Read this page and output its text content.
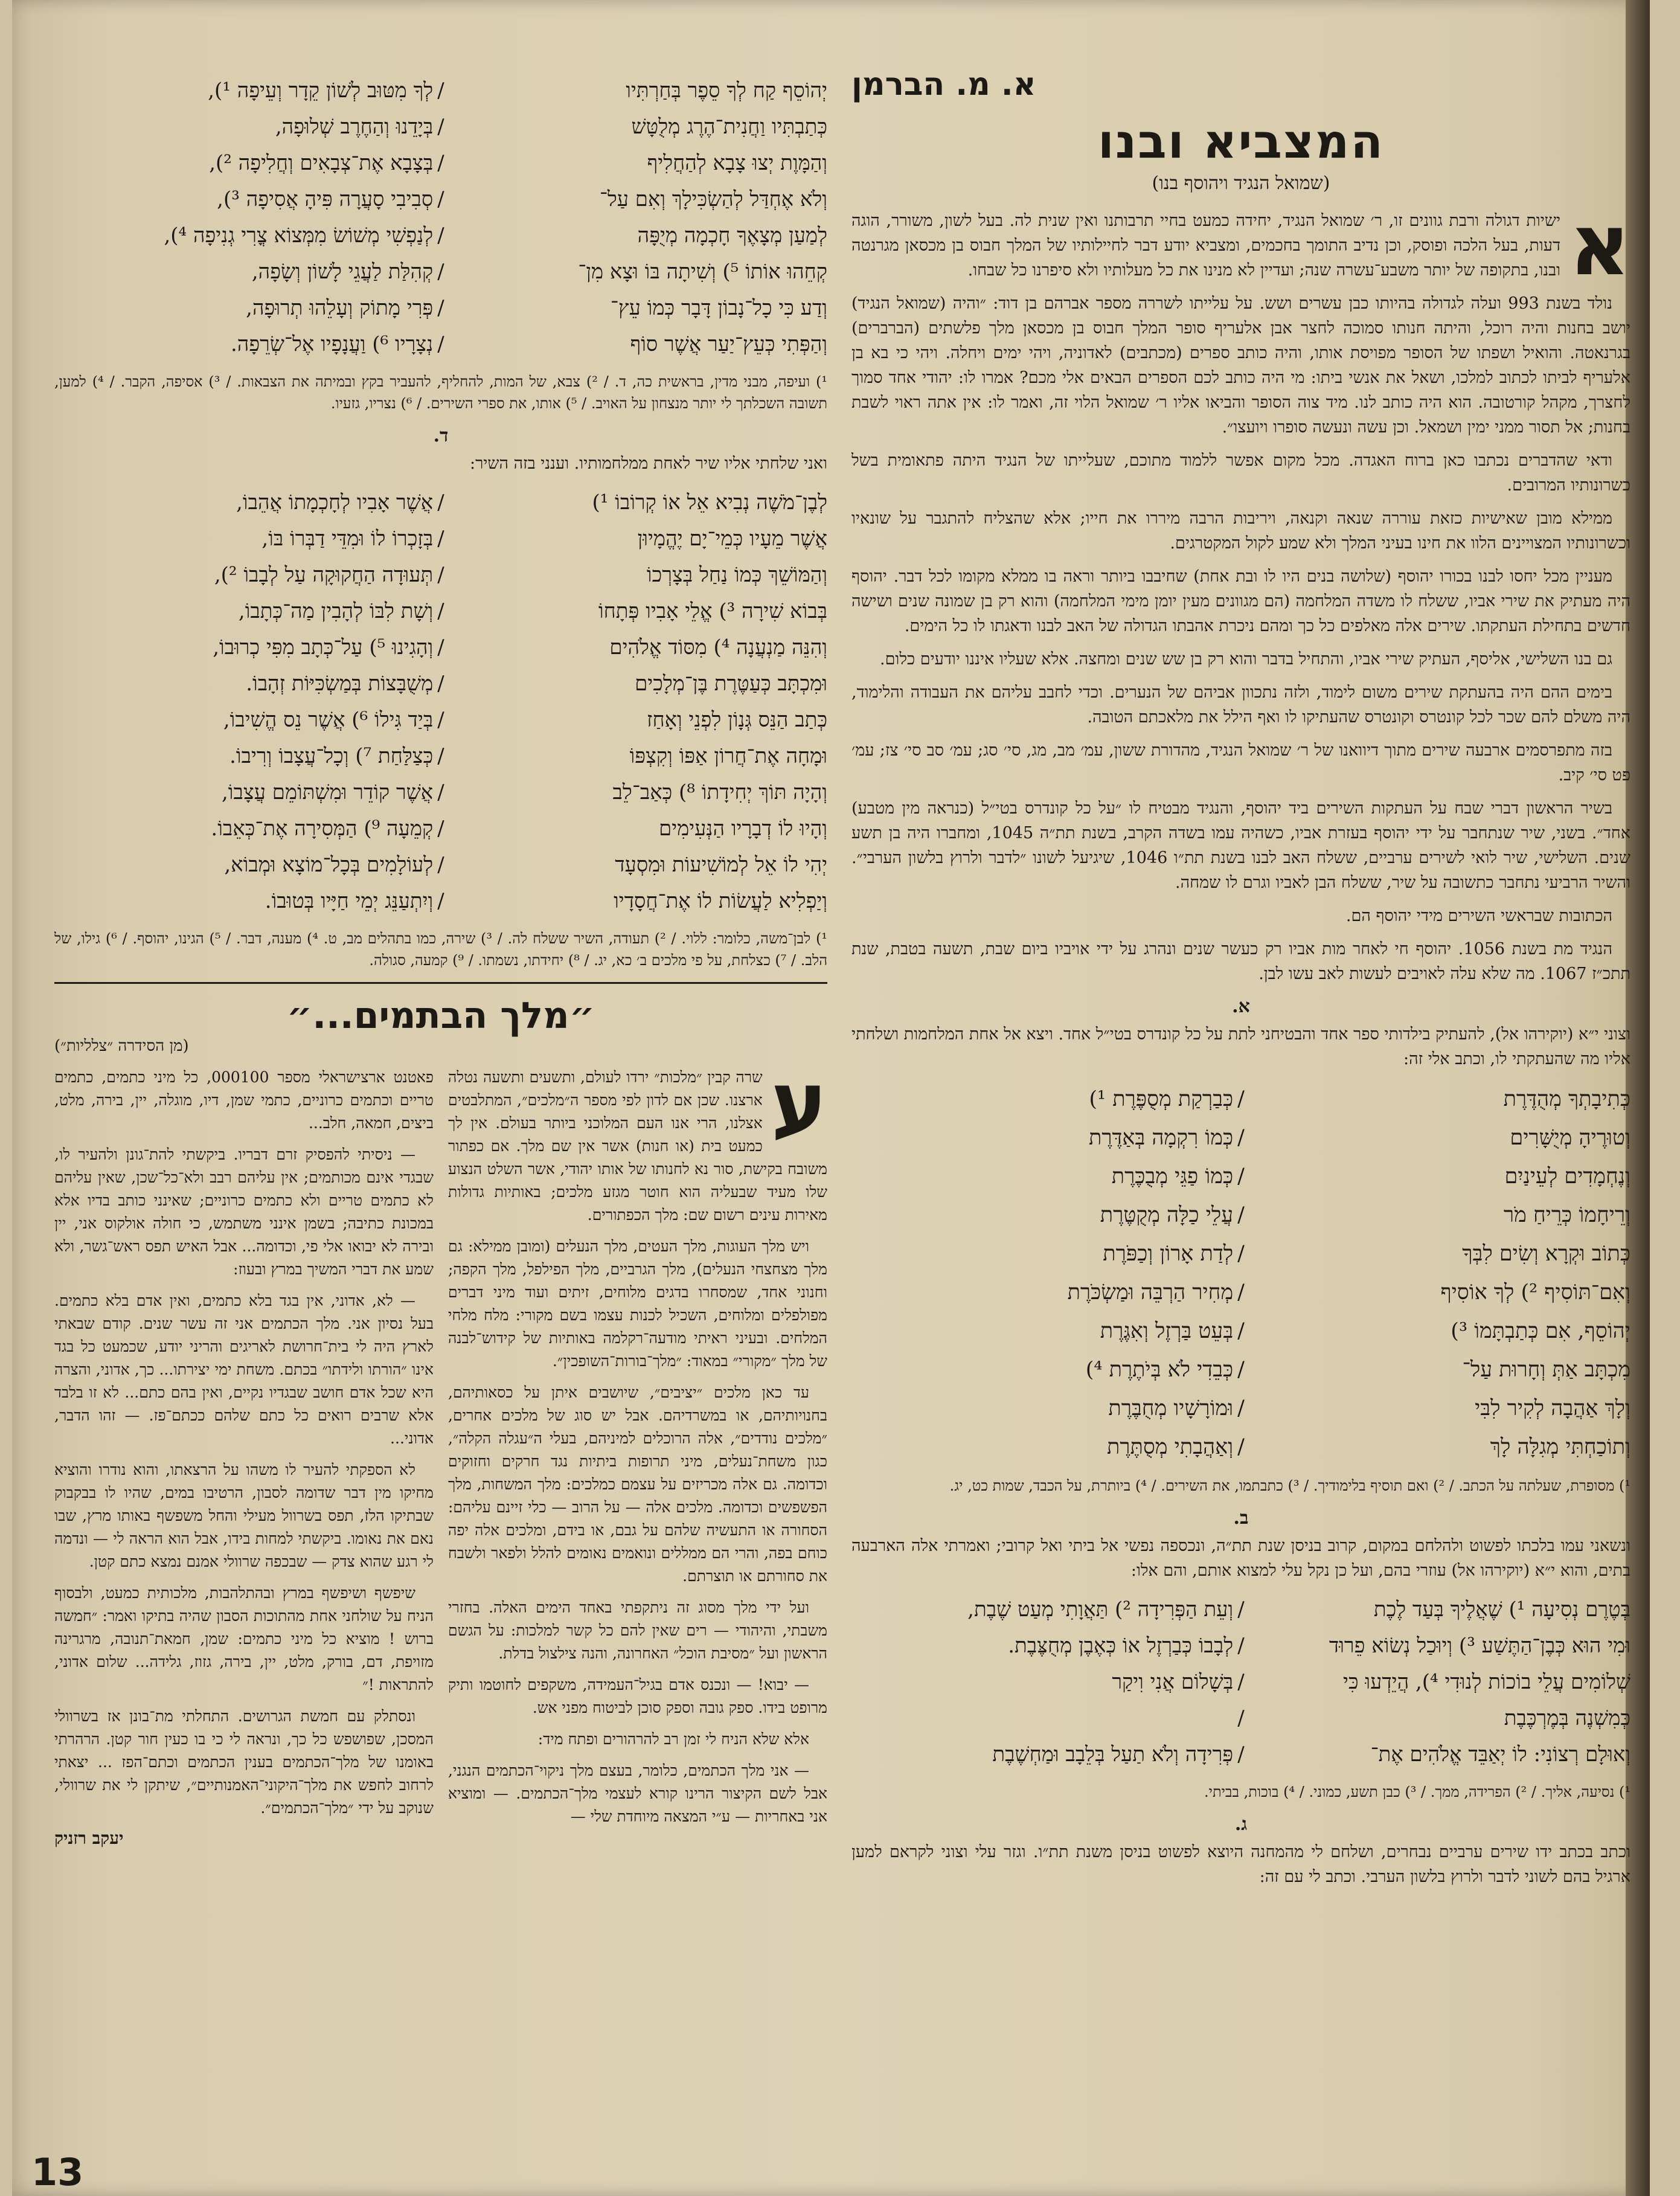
א. מ. הברמן
המצביא ובנו
(שמואל הנגיד ויהוסף בנו)
א

ישיות דגולה ורבת גוונים זו, ר׳ שמואל הנגיד, יחידה כמעט בחיי תרבותנו ואין שנית לה. בעל לשון, משורר, הוגה דעות, בעל הלכה ופוסק, וכן נדיב התומך בחכמים, ומצביא יודע דבר לחיילותיו של המלך חבוס בן מכסאן מגרנטה ובנו, בתקופה של יותר משבע־עשרה שנה; ועדיין לא מנינו את כל מעלותיו ולא סיפרנו כל שבחו.

נולד בשנת 993 ועלה לגדולה בהיותו כבן עשרים ושש. על עלייתו לשררה מספר אברהם בן דוד: ״והיה (שמואל הנגיד) יושב בחנות והיה רוכל, והיתה חנותו סמוכה לחצר אבן אלעריף סופר המלך חבוס בן מכסאן מלך פלשתים (הברברים) בגרנאטה. והואיל ושפתו של הסופר מפויסת אותו, והיה כותב ספרים (מכתבים) לאדוניה, ויהי ימים ויחלה. ויהי כי בא בן אלעריף לביתו לכתוב למלכו, ושאל את אנשי ביתו: מי היה כותב לכם הספרים הבאים אלי מכם? אמרו לו: יהודי אחד סמוך לחצרך, מקהל קורטובה. הוא היה כותב לנו. מיד צוה הסופר והביאו אליו ר׳ שמואל הלוי זה, ואמר לו: אין אתה ראוי לשבת בחנות; אל תסור ממני ימין ושמאל. וכן עשה ונעשה סופרו ויועצו״.

ודאי שהדברים נכתבו כאן ברוח האגדה. מכל מקום אפשר ללמוד מתוכם, שעלייתו של הנגיד היתה פתאומית בשל כשרונותיו המרובים.

ממילא מובן שאישיות כזאת עוררה שנאה וקנאה, ויריבות הרבה מיררו את חייו; אלא שהצליח להתגבר על שונאיו וכשרונותיו המצויינים הלוו את חינו בעיני המלך ולא שמע לקול המקטרגים.

מעניין מכל יחסו לבנו בכורו יהוסף (שלושה בנים היו לו ובת אחת) שחיבבו ביותר וראה בו ממלא מקומו לכל דבר. יהוסף היה מעתיק את שירי אביו, ששלח לו משדה המלחמה (הם מגוונים מעין יומן מימי המלחמה) והוא רק בן שמונה שנים ושישה חדשים בתחילת העתקתו. שירים אלה מאלפים כל כך ומהם ניכרת אהבתו הגדולה של האב לבנו ודאגתו לו כל הימים.

גם בנו השלישי, אליסף, העתיק שירי אביו, והתחיל בדבר והוא רק בן שש שנים ומחצה. אלא שעליו איננו יודעים כלום.

בימים ההם היה בהעתקת שירים משום לימוד, ולזה נתכוון אביהם של הנערים. וכדי לחבב עליהם את העבודה והלימוד, היה משלם להם שכר לכל קונטרס וקונטרס שהעתיקו לו ואף הילל את מלאכתם הטובה.

בזה מתפרסמים ארבעה שירים מתוך דיוואנו של ר׳ שמואל הנגיד, מהדורת ששון, עמ׳ מב, מג, סי׳ סג; עמ׳ סב סי׳ צז; עמ׳ פט סי׳ קיב.

בשיר הראשון דברי שבח על העתקות השירים ביד יהוסף, והנגיד מבטיח לו ״על כל קונדרס בטי״ל (כנראה מין מטבע) אחד״. בשני, שיר שנתחבר על ידי יהוסף בעזרת אביו, כשהיה עמו בשדה הקרב, בשנת תת״ה 1045, ומחברו היה בן תשע שנים. השלישי, שיר לואי לשירים ערביים, ששלח האב לבנו בשנת תת״ו 1046, שיגיעל לשונו ״לדבר ולרוץ בלשון הערבי״. והשיר הרביעי נתחבר כתשובה על שיר, ששלח הבן לאביו וגרם לו שמחה.

הכתובות שבראשי השירים מידי יהוסף הם.

הנגיד מת בשנת 1056. יהוסף חי לאחר מות אביו רק כעשר שנים ונהרג על ידי אויביו ביום שבת, תשעה בטבת, שנת תתכ״ז 1067. מה שלא עלה לאויבים לעשות לאב עשו לבן.

א.

וצוני י״א (יוקירהו אל), להעתיק בילדותי ספר אחד והבטיחני לתת על כל קונדרס בטי״ל אחד. ויצא אל אחת המלחמות ושלחתי אליו מה שהעתקתי לו, וכתב אלי זה:

כְּתִיבָתְךָ מְהֻדֶּרֶת/כְּבַרְקַת מְסֻפֶּרֶת ¹)
וְטוּרֶיהָ מְיֻשָּׁרִים/כְּמוֹ רִקְמָה בְּאַדֶּרֶת
וְנֶחְמָדִים לְעֵינַיִם/כְּמוֹ פַגֵּי מְבֻכֶּרֶת
וְרֵיחָמוֹ כְּרֵיחַ מֹר/עֲלֵי כַלָּה מְקֻטֶּרֶת
כְּתוֹב וּקְרָא וְשִׂים לִבְּךָ/לְדַת אָרוֹן וְכַפֹּרֶת
וְאִם־תּוֹסִיף ²) לְךָ אוֹסִיף/מְחִיר הַרְבֵּה וּמַשְׂכֹּרֶת
יְהוֹסֵף, אִם כְּתַבְתָּמוֹ ³)/בְּעֵט בַּרְזֶל וְאִגֶּרֶת
מִכְתָּב אַתְּ וְחָרוּת עַל־/כְּבֵדִי לֹא בְּיֹתֶרֶת ⁴)
וְלָךְ אַהֲבָה לְקִיר לִבִּי/וּמוֹרָשָׁיו מְחֻבֶּרֶת
וְתוֹכַחְתִּי מְגִלָּה לָךְ/וְאַהֲבָתִי מְסֻתֶּרֶת
¹) מסופרת, שעלתה על הכתב. / ²) ואם תוסיף בלימודיך. / ³) כתבתמו, את השירים. / ⁴) ביותרת, על הכבד, שמות כט, יג.
ב.

ונשאני עמו בלכתו לפשוט ולהלחם במקום, קרוב בניסן שנת תת״ה, ונכספה נפשי אל ביתי ואל קרובי; ואמרתי אלה הארבעה בתים, והוא י״א (יוקירהו אל) עוזרי בהם, ועל כן נקל עלי למצוא אותם, והם אלו:

בְּטֶרֶם נְסִיעָה ¹) שֶׁאֲלֶיךָ בְּעַד לֶכֶת/וְעֵת הַפְּרִידָה ²) תַּאֲוָתִי מְעַט שֶׁבֶת,
וּמִי הוּא כְּבֶן־הַתֶּשַׁע ³) וְיוּכַל נְשׂוֹא פֵרוּד/לְבָבוֹ כְּבַרְזֶל אוֹ כְּאֶבֶן מְחֻצֶּבֶת.
שְׁלוֹמִים עֲלֵי בוֹכוֹת לְנוּדִי ⁴), הֲיֵדְעוּ כִּי/בְּשָׁלוֹם אֲנִי וִיקַר
כְּמִשְׁנֶה בְּמֶרְכֶּבֶת/
וְאוּלָם רְצוֹנִי: לוֹ יְאַבֵּד אֱלֹהִים אֶת־/פְּרִידָה וְלֹא תַעַל בְּלֵבָב וּמַחְשֶׁבֶת
¹) נסיעה, אליך. / ²) הפרידה, ממך. / ³) כבן תשע, כמוני. / ⁴) בוכות, בביתי.
ג.

וכתב בכתב ידו שירים ערביים נבחרים, ושלחם לי מהמחנה היוצא לפשוט בניסן משנת תת״ו. וגזר עלי וצוני לקראם למען ארגיל בהם לשוני לדבר ולרוץ בלשון הערבי. וכתב לי עם זה:

יְהוֹסֵף קַח לְךָ סֵפֶר בְּחַרְתִּיו/לְךָ מִטּוּב לְשׁוֹן קֵדָר וְעֵיפָה ¹),
כְּתַבְתִּיו וַחֲנִית־הֶרֶג מְלֻטָּשׁ/בְּיָדֵנוּ וְהַחֶרֶב שְׁלוּפָה,
וְהַמָּוֶת יְצוּ צָבָא לְהַחֲלִיף/בְּצָבָא אֶת־צְבָאִים וְחֲלִיפָה ²),
וְלֹא אֶחְדַּל לְהַשְׂכִּילָךְ וְאִם עַל־/סְבִיבִי סָעֲרָה פִּיהָ אֲסִיפָה ³),
לְמַעַן מְצָאֶךָ חָכְמָה מְיֻפָּה/לְנַפְשִׁי מְשׁוֹשׂ מִמְּצוֹא צֳרִי גְנִיפָה ⁴),
קְחֵהוּ אוֹתוֹ ⁵) וְשִׁיתָה בּוֹ וּצָא מִן־/קְהִלַּת לַעֲגֵי לָשׁוֹן וְשָׂפָה,
וְדַע כִּי כָל־נָבוֹן דָּבָר כְּמוֹ עֵץ־/פְּרִי מָתוֹק וְעָלֵהוּ תְרוּפָה,
וְהַפְּתִי כְּעֵץ־יַעַר אֲשֶׁר סוֹף/נְצָרָיו ⁶) וַעֲנָפָיו אֶל־שְׂרֵפָה.
¹) ועיפה, מבני מדין, בראשית כה, ד. / ²) צבא, של המות, להחליף, להעביר בקץ ובמיתה את הצבאות. / ³) אסיפה, הקבר. / ⁴) למען, תשובה השכלתך לי יותר מנצחון על האויב. / ⁵) אותו, את ספרי השירים. / ⁶) נצריו, גזעיו.
ד.

ואני שלחתי אליו שיר לאחת ממלחמותיו. וענני בזה השיר:

לְבֶן־מֹשֶׁה נְבִיא אֵל אוֹ קְרוֹבוֹ ¹)/אֲשֶׁר אָבִיו לְחָכְמָתוֹ אֲהֵבוֹ,
אֲשֶׁר מֵעָיו כְּמֵי־יָם יֶהֱמָיוּן/בְּזָכְרוֹ לוֹ וּמִדֵּי דַבְּרוֹ בּוֹ,
וְהַמּוֹשֵׁךְ כְּמוֹ נַחַל בְּצָרְכוֹ/תְּעוּדָה הַחֲקוּקָה עַל לְבָבוֹ ²),
בְּבוֹא שִׁירָה ³) אֱלֵי אָבִיו פְּתָחוֹ/וְשָׁת לִבּוֹ לְהָבִין מַה־כְּתָבוֹ,
וְהִנֵּה מַנְעֲנָה ⁴) מִסּוֹד אֱלֹהִים/וְהָגִינוּ ⁵) עַל־כְּתָב מִפִּי כְרוּבוֹ,
וּמִכְתָּב כְּעַטֶּרֶת בֶּן־מְלָכִים/מְשֻׁבָּצוֹת בְּמַשְׂכִּיּוֹת זְהָבוֹ.
כְּתַב הַנֵּס גְּנָוֹן לִפְנֵי וְאָחַז/בְּיַד גִּילוֹ ⁶) אֲשֶׁר נֵס הֱשִׁיבוֹ,
וּמָחָה אֶת־חֲרוֹן אַפּוֹ וְקִצְפּוֹ/כְּצַלַּחַת ⁷) וְכָל־עֲצָבוֹ וְרִיבוֹ.
וְהָיָה תּוֹךְ יְחִידָתוֹ ⁸) כְּאַב־לֵב/אֲשֶׁר קוֹדֵר וּמִשְׁתּוֹמֵם עֲצָבוֹ,
וְהָיוּ לוֹ דְבָרָיו הַנְּעִימִים/קְמֵעָה ⁹) הַמְּסִירָה אֶת־כְּאֵבוֹ.
יְהִי לוֹ אֵל לְמוֹשִׁיעוֹת וּמִסְעָד/לְעוֹלָמִים בְּכָל־מוֹצָא וּמְבוֹא,
וְיַפְלִיא לַעֲשׂוֹת לוֹ אֶת־חֲסָדָיו/וְיִתְעַנֵּג יְמֵי חַיָּיו בְּטוּבוֹ.
¹) לבן־משה, כלומר: ללוי. / ²) תעודה, השיר ששלח לה. / ³) שירה, כמו בתהלים מב, ט. ⁴) מענה, דבר. / ⁵) הגינו, יהוסף. / ⁶) גילו, של הלב. / ⁷) כצלחת, על פי מלכים ב׳ כא, יג. / ⁸) יחידתו, נשמתו. / ⁹) קמעה, סגולה.
״מלך הבתמים...״
(מן הסידרה ״צלליות״)
ע

שרה קבין ״מלכות״ ירדו לעולם, ותשעים ותשעה נטלה ארצנו. שכן אם לדון לפי מספר ה״מלכים״, המתלבטים אצלנו, הרי אנו העם המלוכני ביותר בעולם. אין לך כמעט בית (או חנות) אשר אין שם מלך. אם כפתור משובח בקישת, סור נא לחנותו של אותו יהודי, אשר השלט הנצוע שלו מעיד שבעליה הוא חוטר מגזע מלכים; באותיות גדולות מאירות עינים רשום שם: מלך הכפתורים.

ויש מלך העוגות, מלך העטים, מלך הנעלים (ומובן ממילא: גם מלך מצחצחי הנעלים), מלך הגרביים, מלך הפילפל, מלך הקפה; וחנוני אחד, שמסחרו בדגים מלוחים, זיתים ועוד מיני דברים מפולפלים ומלוחים, השכיל לכנות עצמו בשם מקורי: מלח מלחי המלחים. ובעיני ראיתי מודעה־רקלמה באותיות של קידוש־לבנה של מלך ״מקורי״ במאוד: ״מלך־בורות־השופכין״.

עד כאן מלכים ״יציבים״, שיושבים איתן על כסאותיהם, בחנויותיהם, או במשרדיהם. אבל יש סוג של מלכים אחרים, ״מלכים נודדים״, אלה הרוכלים למיניהם, בעלי ה״עגלה הקלה״, כגון משחת־נעלים, מיני תרופות ביתיות נגד חרקים וחזוקים וכדומה. גם אלה מכריזים על עצמם כמלכים: מלך המשחות, מלך הפשפשים וכדומה. מלכים אלה — על הרוב — כלי זיינם עליהם: הסחורה או התעשיה שלהם על גבם, או בידם, ומלכים אלה יפה כוחם בפה, והרי הם ממללים ונואמים נאומים להלל ולפאר ולשבח את סחורתם או תוצרתם.

ועל ידי מלך מסוג זה ניתקפתי באחד הימים האלה. בחזרי משבתי, והיהודי — רים שאין להם כל קשר למלכות: על הגשם הראשון ועל ״מסיבת הוכל״ האחרונה, והנה צילצול בדלת.

— יבוא! — ונכנס אדם בגיל־העמידה, משקפים לחוטמו ותיק מרופט בידו. ספק גובה וספק סוכן לביטוח מפני אש.

אלא שלא הניח לי זמן רב להרהורים ופתח מיד:

— אני מלך הכתמים, כלומר, בעצם מלך ניקוי־הכתמים הנגני, אבל לשם הקיצור הרינו קורא לעצמי מלך־הכתמים. — ומוציא אני באחריות — ע״י המצאה מיוחדת שלי —

פאטנט ארצישראלי מספר 000100, כל מיני כתמים, כתמים טריים וכתמים כרוניים, כתמי שמן, דיו, מוגלה, יין, בירה, מלט, ביצים, חמאה, חלב...

— ניסיתי להפסיק זרם דבריו. ביקשתי להת־גונן ולהעיר לו, שבגדי אינם מכותמים; אין עליהם רבב ולא־כל־שכן, שאין עליהם לא כתמים טריים ולא כתמים כרוניים; שאינני כותב בדיו אלא במכונת כתיבה; בשמן אינני משתמש, כי חולה אולקוס אני, יין ובירה לא יבואו אלי פי, וכדומה... אבל האיש תפס ראש־גשר, ולא שמע את דברי המשיך במרץ ובעוז:

— לא, אדוני, אין בגד בלא כתמים, ואין אדם בלא כתמים. בעל נסיון אני. מלך הכתמים אני זה עשר שנים. קודם שבאתי לארץ היה לי בית־חרושת לאריגים והריני יודע, שכמעט כל בגד אינו ״הורתו ולידתו״ בכתם. משחת ימי יצירתו... כך, אדוני, והצרה היא שכל אדם חושב שבגדיו נקיים, ואין בהם כתם... לא זו בלבד אלא שרבים רואים כל כתם שלהם ככתם־פז. — זהו הדבר, אדוני...

לא הספקתי להעיר לו משהו על הרצאתו, והוא נודרו והוציא מחיקו מין דבר שדומה לסבון, הרטיבו במים, שהיו לו בבקבוק שבתיקו הלז, תפס בשרוול מעילי והחל משפשף באותו מרץ, שבו נאם את נאומו. ביקשתי למחות בידו, אבל הוא הראה לי — ונדמה לי רגע שהוא צדק — שבכפה שרוולי אמנם נמצא כתם קטן.

שיפשף ושיפשף במרץ ובהתלהבות, מלכותית כמעט, ולבסוף הניח על שולחני אחת מהתוכות הסבון שהיה בתיקו ואמר: ״חמשה ברוש ! מוציא כל מיני כתמים: שמן, חמאת־תנובה, מרגרינה מזויפת, דם, בורק, מלט, יין, בירה, גזוז, גלידה... שלום אדוני, להתראות !״

ונסתלק עם חמשת הגרושים. התחלתי מת־בונן אז בשרוולי המסכן, שפושפש כל כך, ונראה לי כי בו כעין חור קטן. הרהרתי באומנו של מלך־הכתמים בענין הכתמים וכתם־הפז ... יצאתי לרחוב לחפש את מלך־היקוני־האמנותיים״, שיתקן לי את שרוולי, שנוקב על ידי ״מלך־הכתמים״.

יעקב רזניק
13
